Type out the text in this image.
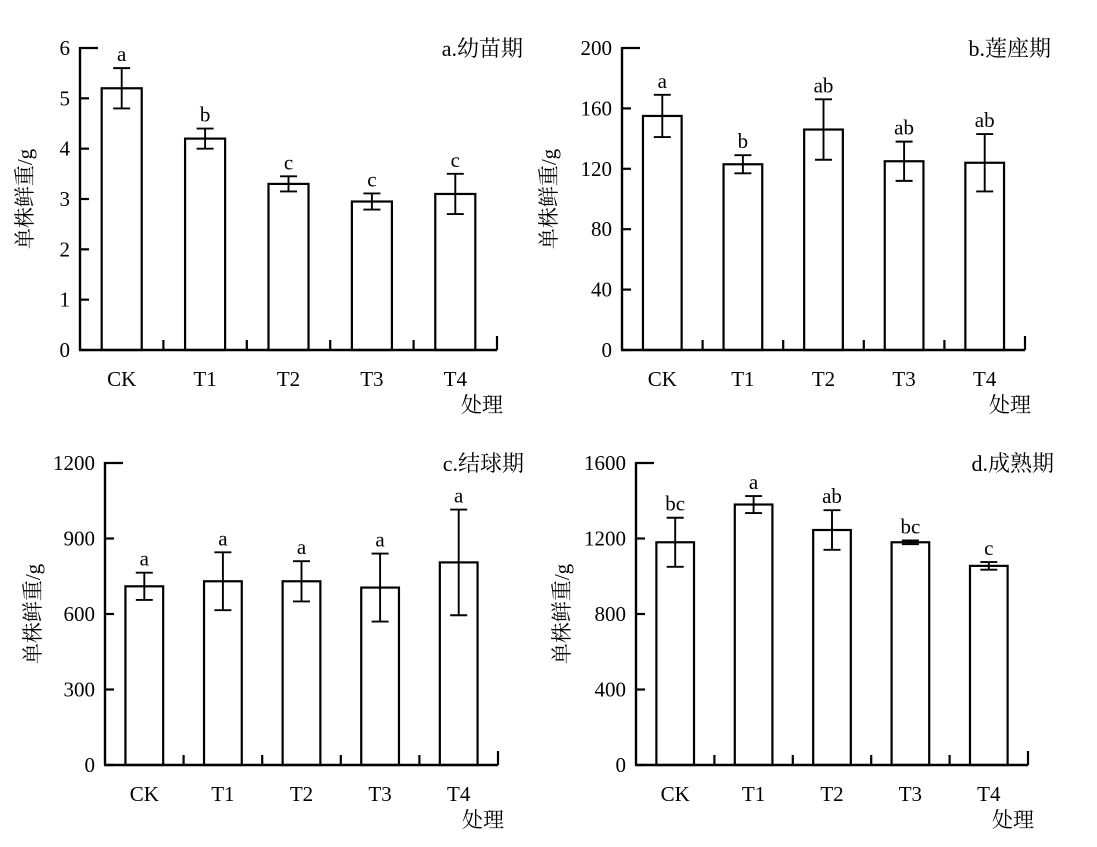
a
CK
b
T1
c
T2
c
T3
c
T4
0
1
2
3
4
5
6	a.幼苗期
单株鲜重/g
处理
a
CK
b
T1
ab
T2
ab
T3
ab
T4
0
40
80
120
160
200	b.莲座期
单株鲜重/g
处理
a
CK
a
T1
a
T2
a
T3
a
T4
0
300
600
900
1200	c.结球期
单株鲜重/g
处理
bc
CK
a
T1
ab
T2
bc
T3
c
T4
0
400
800
1200
1600	d.成熟期
单株鲜重/g
处理
